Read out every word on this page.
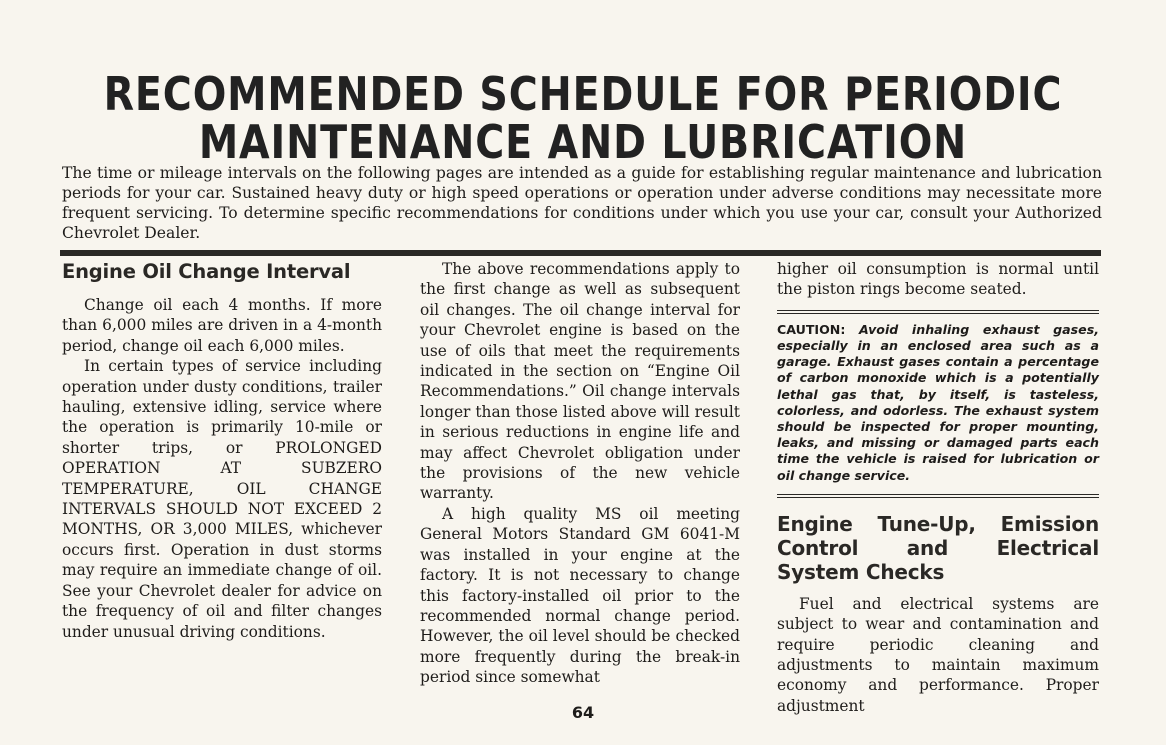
RECOMMENDED SCHEDULE FOR PERIODIC
MAINTENANCE AND LUBRICATION
The time or mileage intervals on the following pages are intended as a guide for establishing regular maintenance and lubrication periods for your car. Sustained heavy duty or high speed operations or operation under adverse conditions may necessitate more frequent servicing. To determine specific recommendations for conditions under which you use your car, consult your Authorized Chevrolet Dealer.
Engine Oil Change Interval

Change oil each 4 months. If more than 6,000 miles are driven in a 4-month period, change oil each 6,000 miles.

In certain types of service including operation under dusty conditions, trailer hauling, extensive idling, service where the operation is primarily 10-mile or shorter trips, or PROLONGED OPERATION AT SUBZERO TEMPERATURE, OIL CHANGE INTERVALS SHOULD NOT EXCEED 2 MONTHS, OR 3,000 MILES, whichever occurs first. Operation in dust storms may require an immediate change of oil. See your Chevrolet dealer for advice on the frequency of oil and filter changes under unusual driving conditions.

The above recommendations apply to the first change as well as subsequent oil changes. The oil change interval for your Chevrolet engine is based on the use of oils that meet the requirements indicated in the section on “Engine Oil Recommendations.” Oil change intervals longer than those listed above will result in serious reductions in engine life and may affect Chevrolet obligation under the provisions of the new vehicle warranty.

A high quality MS oil meeting General Motors Standard GM 6041-M was installed in your engine at the factory. It is not necessary to change this factory-installed oil prior to the recommended normal change period. However, the oil level should be checked more frequently during the break-in period since somewhat

higher oil consumption is normal until the piston rings become seated.

CAUTION: Avoid inhaling exhaust gases, especially in an enclosed area such as a garage. Exhaust gases contain a percentage of carbon monoxide which is a potentially lethal gas that, by itself, is tasteless, colorless, and odorless. The exhaust system should be inspected for proper mounting, leaks, and missing or damaged parts each time the vehicle is raised for lubrication or oil change service.
Engine Tune-Up, Emission Control and Electrical System Checks

Fuel and electrical systems are subject to wear and contamination and require periodic cleaning and adjustments to maintain maximum economy and performance. Proper adjustment

64
